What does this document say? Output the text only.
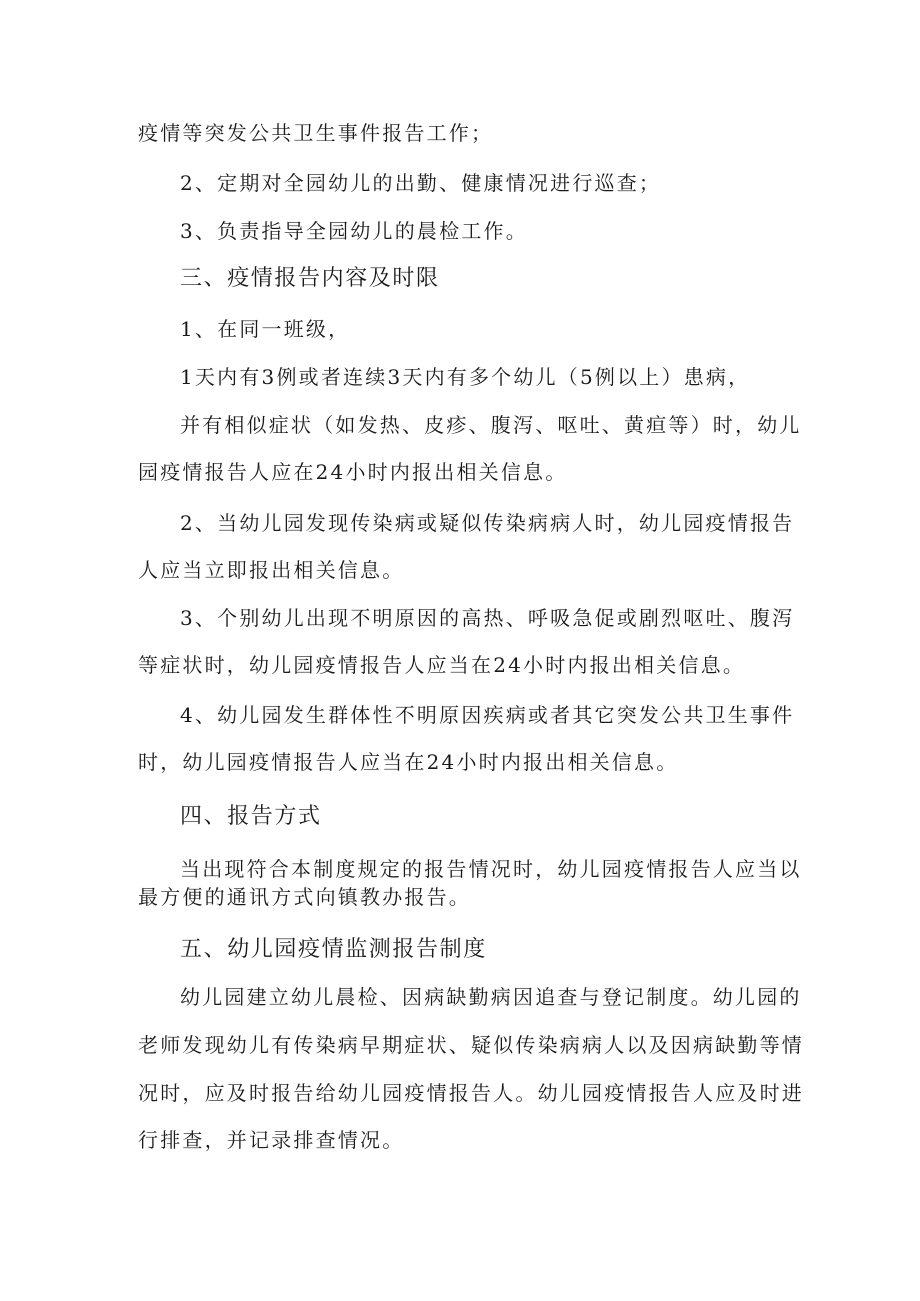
疫情等突发公共卫生事件报告工作；
2、定期对全园幼儿的出勤、健康情况进行巡查；
3、负责指导全园幼儿的晨检工作。
三、疫情报告内容及时限
1、在同一班级，
1天内有3例或者连续3天内有多个幼儿（5例以上）患病，
并有相似症状（如发热、皮疹、腹泻、呕吐、黄疸等）时，幼儿
园疫情报告人应在24小时内报出相关信息。
2、当幼儿园发现传染病或疑似传染病病人时，幼儿园疫情报告
人应当立即报出相关信息。
3、个别幼儿出现不明原因的高热、呼吸急促或剧烈呕吐、腹泻
等症状时，幼儿园疫情报告人应当在24小时内报出相关信息。
4、幼儿园发生群体性不明原因疾病或者其它突发公共卫生事件
时，幼儿园疫情报告人应当在24小时内报出相关信息。
四、报告方式
当出现符合本制度规定的报告情况时，幼儿园疫情报告人应当以
最方便的通讯方式向镇教办报告。
五、幼儿园疫情监测报告制度
幼儿园建立幼儿晨检、因病缺勤病因追查与登记制度。幼儿园的
老师发现幼儿有传染病早期症状、疑似传染病病人以及因病缺勤等情
况时，应及时报告给幼儿园疫情报告人。幼儿园疫情报告人应及时进
行排查，并记录排查情况。
